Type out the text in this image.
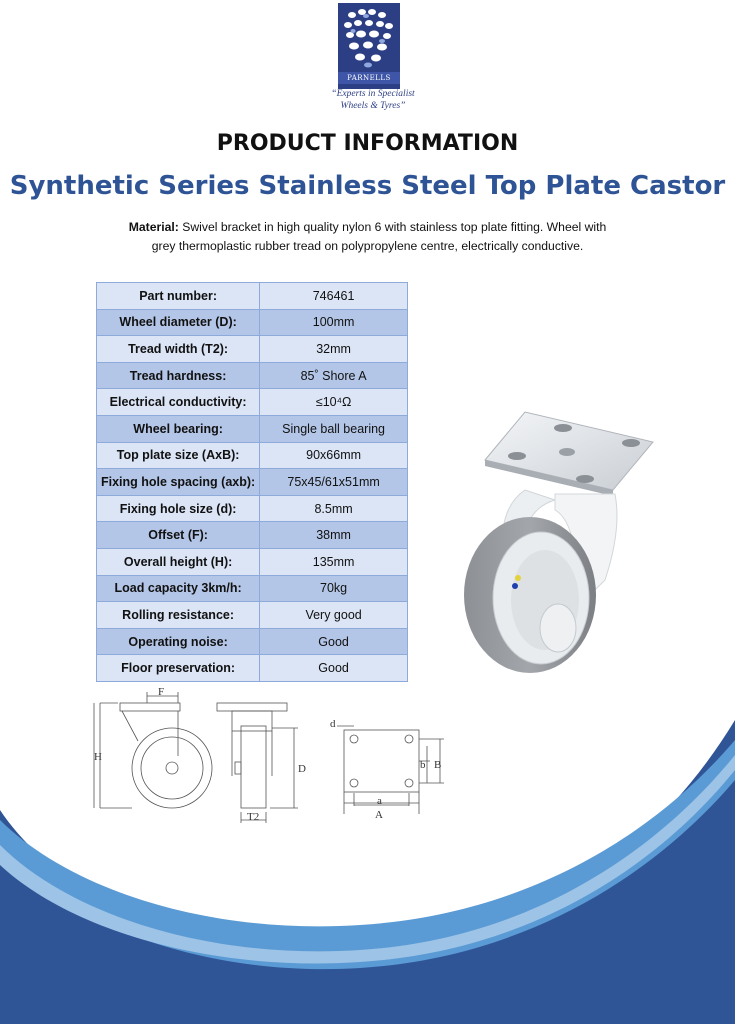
PARNELLS
“Experts in Specialist
Wheels & Tyres”
PRODUCT INFORMATION
Synthetic Series Stainless Steel Top Plate Castor
Material: Swivel bracket in high quality nylon 6 with stainless top plate fitting. Wheel with
grey thermoplastic rubber tread on polypropylene centre, electrically conductive.
Part number:	746461
Wheel diameter (D):	100mm
Tread width (T2):	32mm
Tread hardness:	85˚ Shore A
Electrical conductivity:	≤10⁴Ω
Wheel bearing:	Single ball bearing
Top plate size (AxB):	90x66mm
Fixing hole spacing (axb):	75x45/61x51mm
Fixing hole size (d):	8.5mm
Offset (F):	38mm
Overall height (H):	135mm
Load capacity 3km/h:	70kg
Rolling resistance:	Very good
Operating noise:	Good
Floor preservation:	Good
F
H
D
T2
d
b B
a
A
